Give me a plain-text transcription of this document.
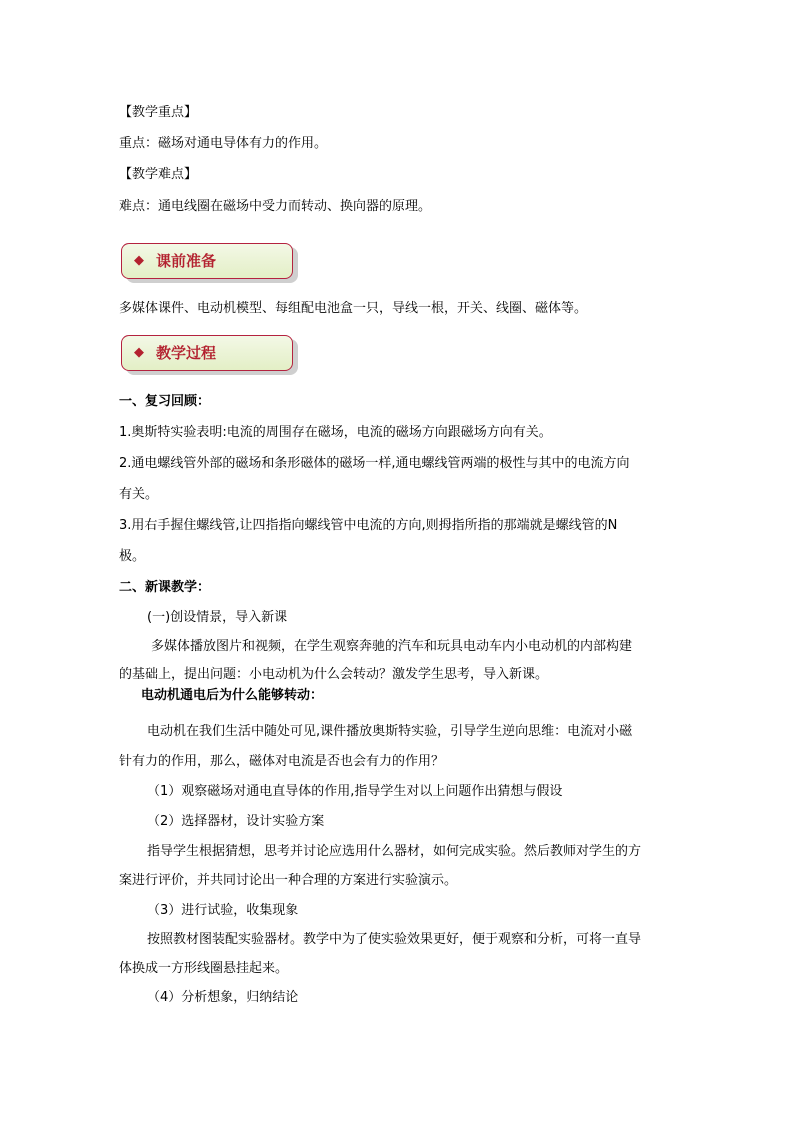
【教学重点】
重点：磁场对通电导体有力的作用。
【教学难点】
难点：通电线圈在磁场中受力而转动、换向器的原理。
◆ 课前准备
多媒体课件、电动机模型、每组配电池盒一只，导线一根，开关、线圈、磁体等。
◆ 教学过程
一、复习回顾：
1.奥斯特实验表明:电流的周围存在磁场，电流的磁场方向跟磁场方向有关。
2.通电螺线管外部的磁场和条形磁体的磁场一样,通电螺线管两端的极性与其中的电流方向
有关。
3.用右手握住螺线管,让四指指向螺线管中电流的方向,则拇指所指的那端就是螺线管的N
极。
二、新课教学：
(一)创设情景，导入新课
多媒体播放图片和视频，在学生观察奔驰的汽车和玩具电动车内小电动机的内部构建
的基础上，提出问题：小电动机为什么会转动？激发学生思考，导入新课。
电动机通电后为什么能够转动：
电动机在我们生活中随处可见,课件播放奥斯特实验，引导学生逆向思维：电流对小磁
针有力的作用，那么，磁体对电流是否也会有力的作用？
（1）观察磁场对通电直导体的作用,指导学生对以上问题作出猜想与假设
（2）选择器材，设计实验方案
指导学生根据猜想，思考并讨论应选用什么器材，如何完成实验。然后教师对学生的方
案进行评价，并共同讨论出一种合理的方案进行实验演示。
（3）进行试验，收集现象
按照教材图装配实验器材。教学中为了使实验效果更好，便于观察和分析，可将一直导
体换成一方形线圈悬挂起来。
（4）分析想象，归纳结论
